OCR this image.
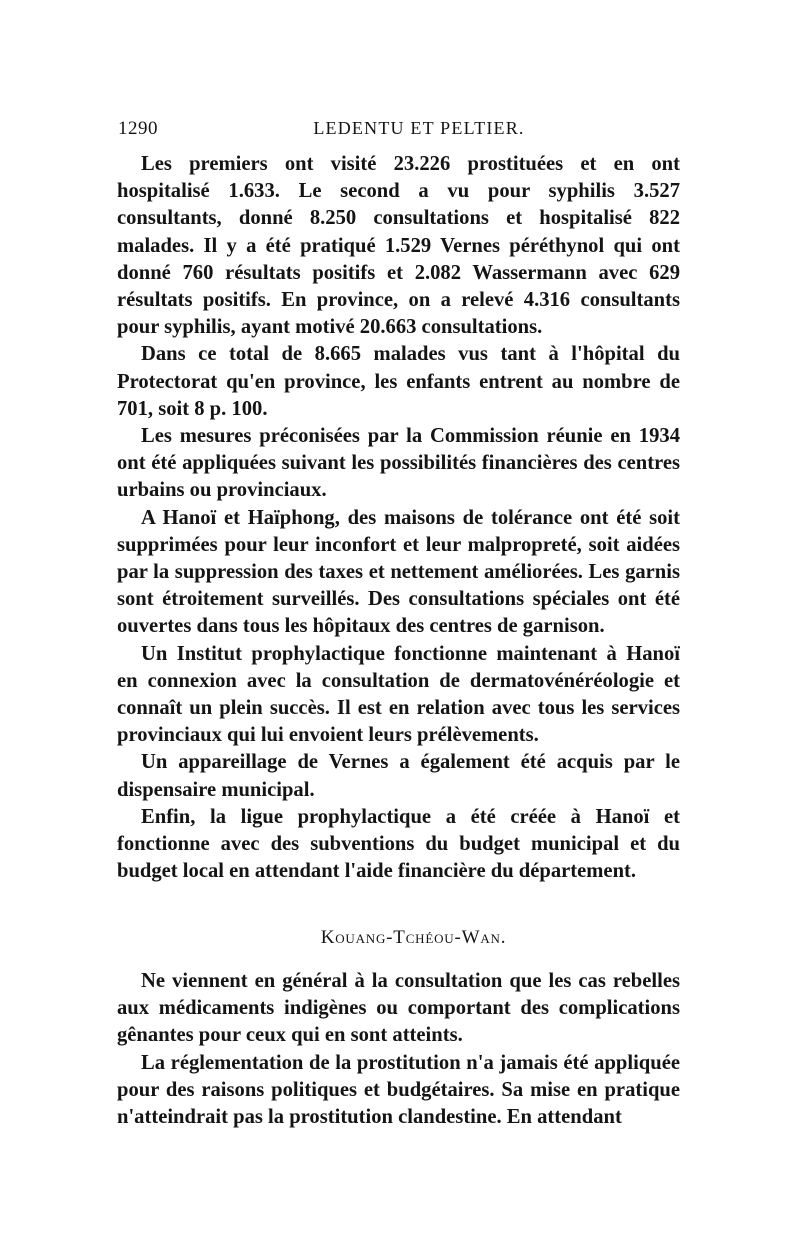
1290	LEDENTU ET PELTIER.

Les premiers ont visité 23.226 prostituées et en ont hospitalisé 1.633. Le second a vu pour syphilis 3.527 consultants, donné 8.250 consultations et hospitalisé 822 malades. Il y a été pratiqué 1.529 Vernes péréthynol qui ont donné 760 résultats positifs et 2.082 Wassermann avec 629 résultats positifs. En province, on a relevé 4.316 consultants pour syphilis, ayant motivé 20.663 consultations.

Dans ce total de 8.665 malades vus tant à l'hôpital du Protectorat qu'en province, les enfants entrent au nombre de 701, soit 8 p. 100.

Les mesures préconisées par la Commission réunie en 1934 ont été appliquées suivant les possibilités financières des centres urbains ou provinciaux.

A Hanoï et Haïphong, des maisons de tolérance ont été soit supprimées pour leur inconfort et leur malpropreté, soit aidées par la suppression des taxes et nettement améliorées. Les garnis sont étroitement surveillés. Des consultations spéciales ont été ouvertes dans tous les hôpitaux des centres de garnison.

Un Institut prophylactique fonctionne maintenant à Hanoï en connexion avec la consultation de dermatovénéréologie et connaît un plein succès. Il est en relation avec tous les services provinciaux qui lui envoient leurs prélèvements.

Un appareillage de Vernes a également été acquis par le dispensaire municipal.

Enfin, la ligue prophylactique a été créée à Hanoï et fonctionne avec des subventions du budget municipal et du budget local en attendant l'aide financière du département.

Kouang-Tchéou-Wan.

Ne viennent en général à la consultation que les cas rebelles aux médicaments indigènes ou comportant des complications gênantes pour ceux qui en sont atteints.

La réglementation de la prostitution n'a jamais été appliquée pour des raisons politiques et budgétaires. Sa mise en pratique n'atteindrait pas la prostitution clandestine. En attendant
